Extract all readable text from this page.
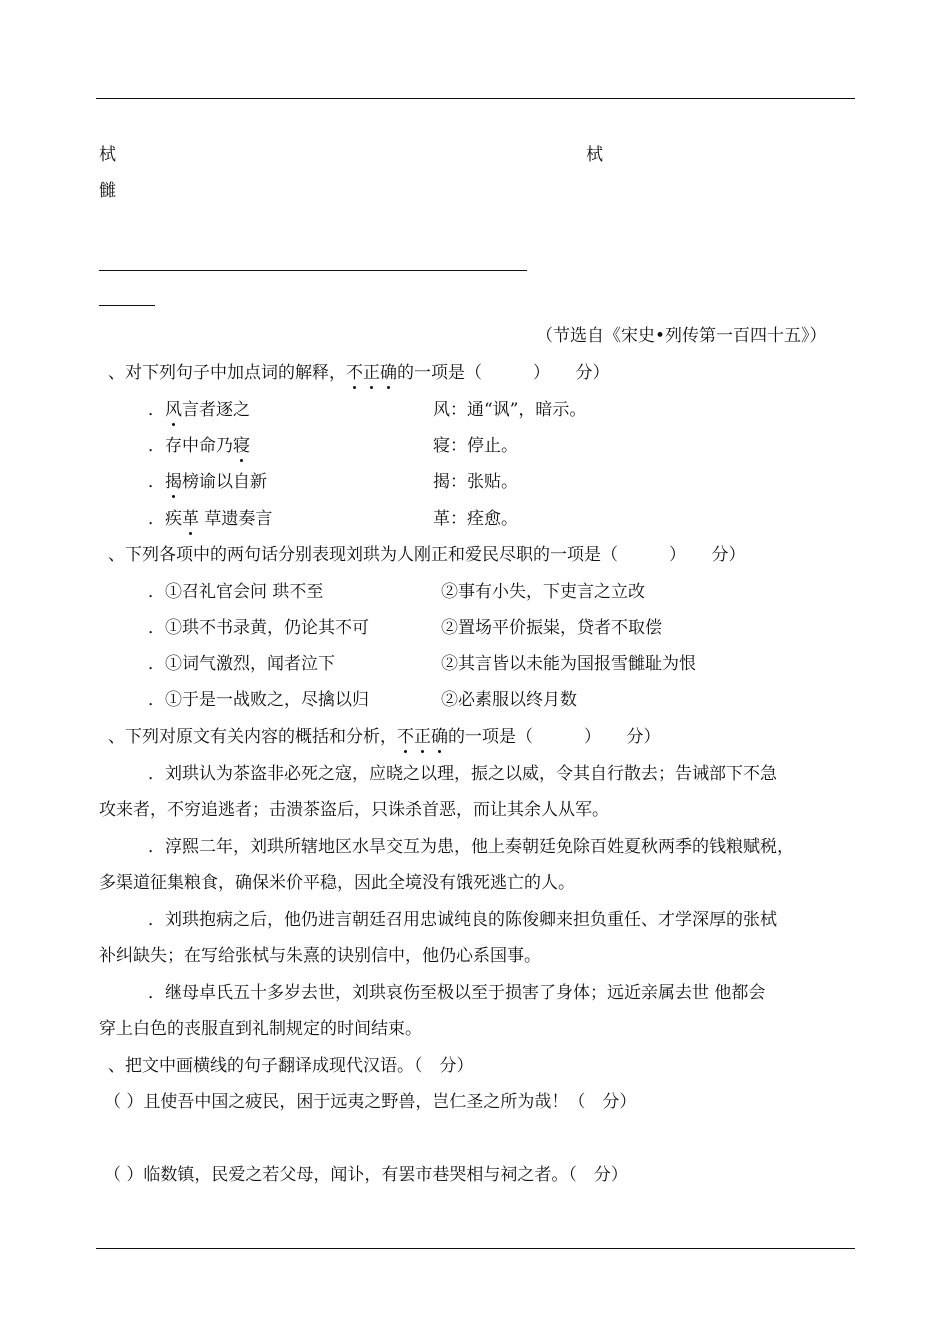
栻	栻
雠
（节选自《宋史•列传第一百四十五》）
、对下列句子中加点词的解释，不正确的一项是（　　　）　　分）
．风言者逐之	风：通“讽”，暗示。
．存中命乃寝	寝：停止。
．揭榜谕以自新	揭：张贴。
．疾革 草遗奏言	革：痊愈。
、下列各项中的两句话分别表现刘珙为人刚正和爱民尽职的一项是（　　　）　　分）
．①召礼官会问 珙不至	②事有小失，下吏言之立改
．①珙不书录黄，仍论其不可	②置场平价振粜，贷者不取偿
．①词气激烈，闻者泣下	②其言皆以未能为国报雪雠耻为恨
．①于是一战败之，尽擒以归	②必素服以终月数
、下列对原文有关内容的概括和分析，不正确的一项是（　　　）　　分）
．刘珙认为茶盗非必死之寇，应晓之以理，振之以威，令其自行散去；告诫部下不急
攻来者，不穷追逃者；击溃茶盗后，只诛杀首恶，而让其余人从军。
．淳熙二年，刘珙所辖地区水旱交互为患，他上奏朝廷免除百姓夏秋两季的钱粮赋税，
多渠道征集粮食，确保米价平稳，因此全境没有饿死逃亡的人。
．刘珙抱病之后，他仍进言朝廷召用忠诚纯良的陈俊卿来担负重任、才学深厚的张栻
补纠缺失；在写给张栻与朱熹的诀别信中，他仍心系国事。
．继母卓氏五十多岁去世，刘珙哀伤至极以至于损害了身体；远近亲属去世 他都会
穿上白色的丧服直到礼制规定的时间结束。
、把文中画横线的句子翻译成现代汉语。（　分）
（ ）且使吾中国之疲民，困于远夷之野兽，岂仁圣之所为哉！（　分）
（ ）临数镇，民爱之若父母，闻讣，有罢市巷哭相与祠之者。（　分）
